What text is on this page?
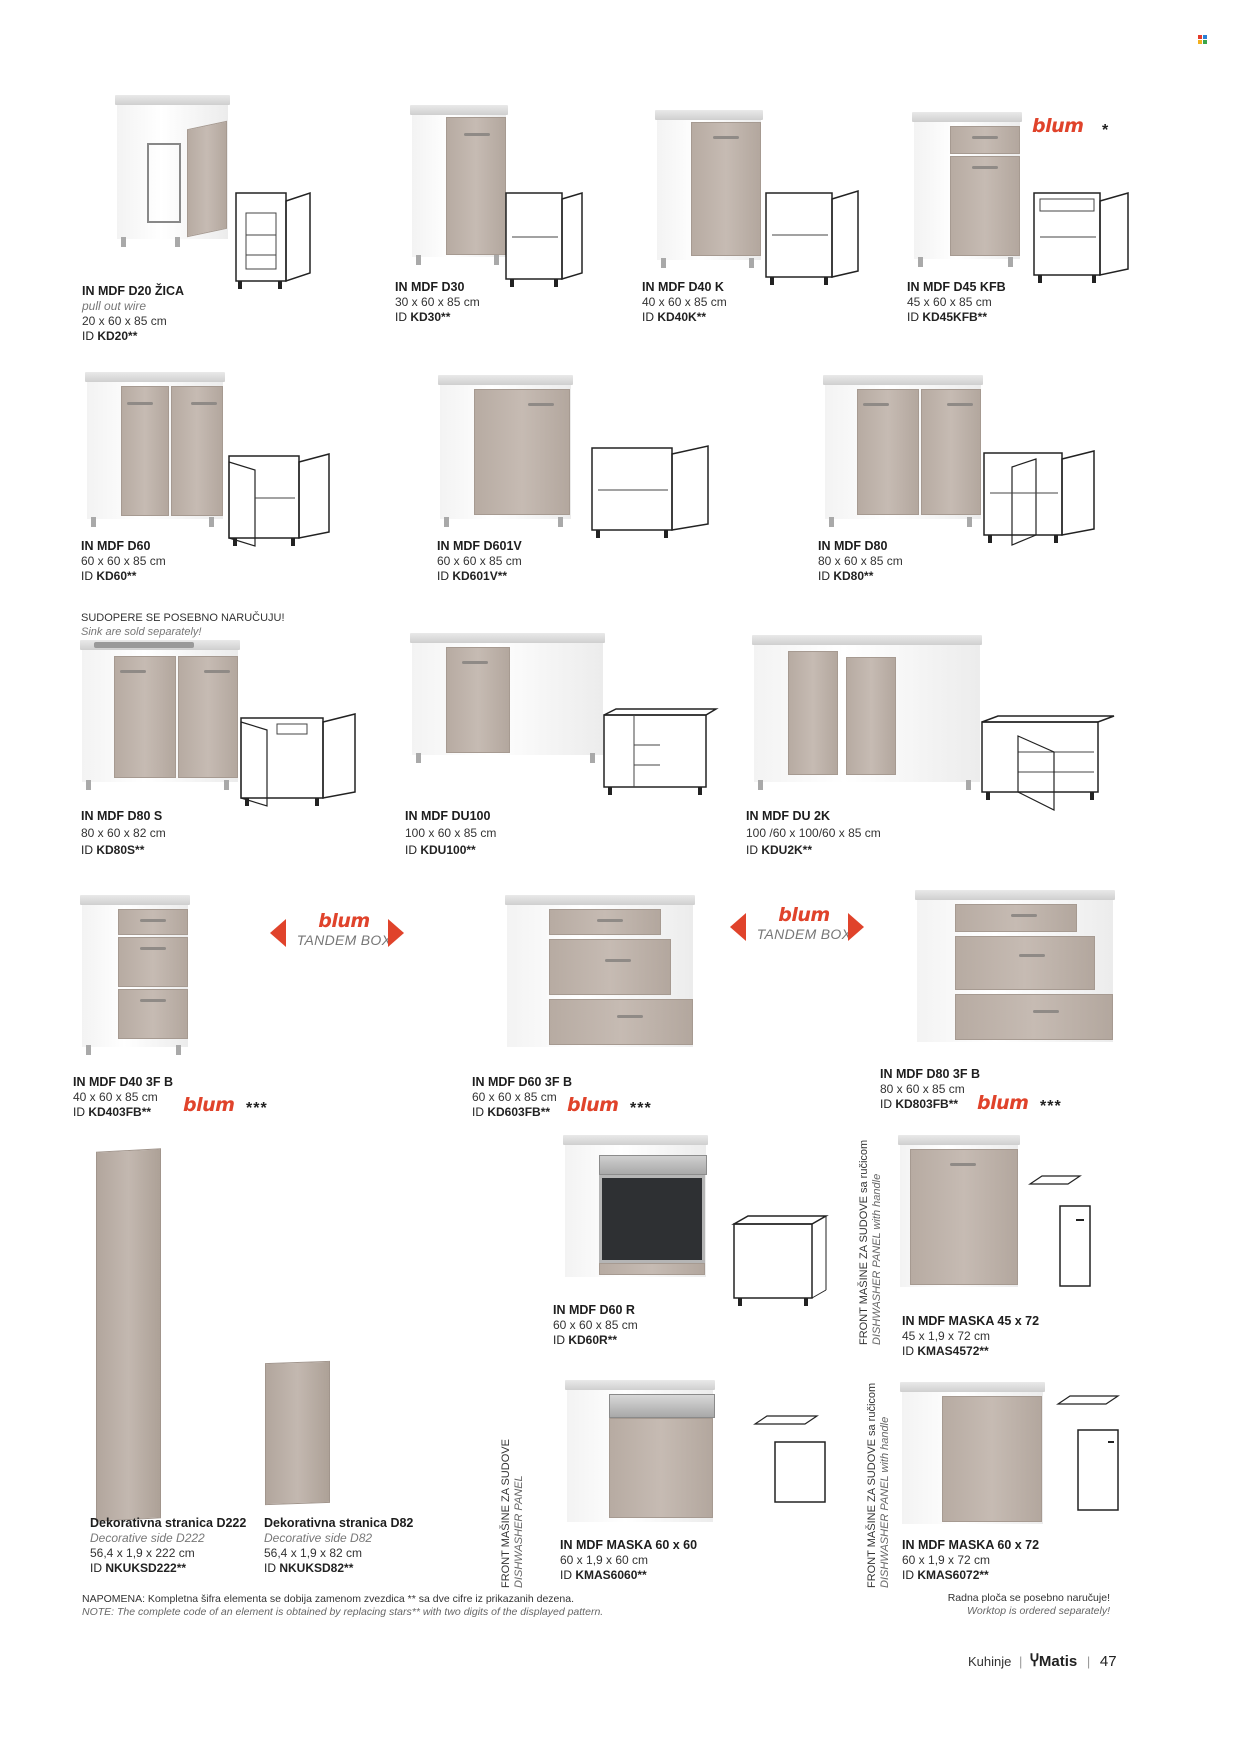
IN MDF D20 ŽICA
pull out wire
20 x 60 x 85 cm
ID KD20**
IN MDF D30
30 x 60 x 85 cm
ID KD30**
IN MDF D40 K
40 x 60 x 85 cm
ID KD40K**
blum *
IN MDF D45 KFB
45 x 60 x 85 cm
ID KD45KFB**
IN MDF D60
60 x 60 x 85 cm
ID KD60**
IN MDF D601V
60 x 60 x 85 cm
ID KD601V**
IN MDF D80
80 x 60 x 85 cm
ID KD80**
SUDOPERE SE POSEBNO NARUČUJU!
Sink are sold separately!
IN MDF D80 S
80 x 60 x 82 cm
ID KD80S**
IN MDF DU100
100 x 60 x 85 cm
ID KDU100**
IN MDF DU 2K
100 /60 x 100/60 x 85 cm
ID KDU2K**
blum
TANDEM BOX
IN MDF D40 3F B
40 x 60 x 85 cm
ID KD403FB**	blum ***
IN MDF D60 3F B
60 x 60 x 85 cm
ID KD603FB** blum ***
blum
TANDEM BOX
IN MDF D80 3F B
80 x 60 x 85 cm
ID KD803FB** blum ***
Dekorativna stranica D222
Decorative side D222
56,4 x 1,9 x 222 cm
ID NKUKSD222**
Dekorativna stranica D82
Decorative side D82
56,4 x 1,9 x 82 cm
ID NKUKSD82**
IN MDF D60 R
60 x 60 x 85 cm
ID KD60R**	FRONT MAŠINE ZA SUDOVE sa ručicom
DISHWASHER PANEL with handle
IN MDF MASKA 45 x 72
45 x 1,9 x 72 cm
ID KMAS4572**
FRONT MAŠINE ZA SUDOVE DISHWASHER PANEL	IN MDF MASKA 60 x 60
60 x 1,9 x 60 cm
ID KMAS6060**	FRONT MAŠINE ZA SUDOVE sa ručicom
DISHWASHER PANEL with handle
IN MDF MASKA 60 x 72
60 x 1,9 x 72 cm
ID KMAS6072**
NAPOMENA: Kompletna šifra elementa se dobija zamenom zvezdica ** sa dve cifre iz prikazanih dezena.
NOTE: The complete code of an element is obtained by replacing stars** with two digits of the displayed pattern.
Radna ploča se posebno naručuje!
Worktop is ordered separately!
Kuhinje | ჄMatis | 47
